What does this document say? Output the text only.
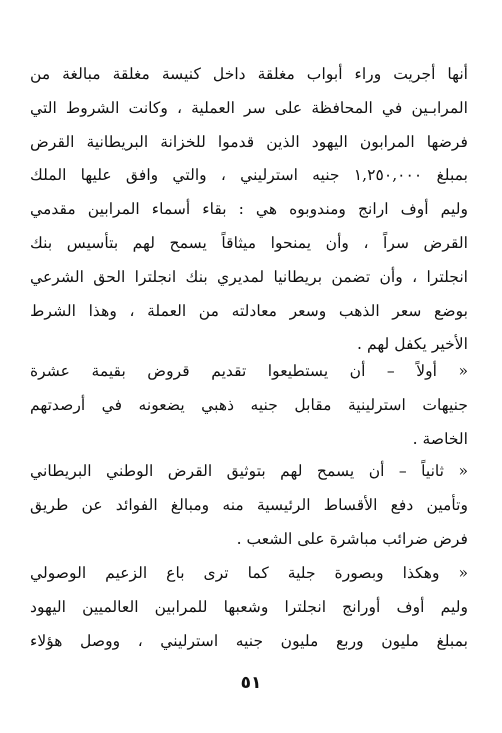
أنها أجريت وراء أبواب مغلقة داخل كنيسة مغلقة مبالغة من
المرابـين في المحافظة على سر العملية ، وكانت الشروط التي
فرضها المرابون اليهود الذين قدموا للخزانة البريطانية القرض
بمبلغ ١,٢٥٠,٠٠٠ جنيه استرليني ، والتي وافق عليها الملك
وليم أوف ارانج ومندوبوه هي : بقاء أسماء المرابين مقدمي
القرض سراً ، وأن يمنحوا ميثاقاً يسمح لهم بتأسيس بنك
انجلترا ، وأن تضمن بريطانيا لمديري بنك انجلترا الحق الشرعي
بوضع سعر الذهب وسعر معادلته من العملة ، وهذا الشرط
الأخير يكفل لهم .
« أولاً – أن يستطيعوا تقديم قروض بقيمة عشرة
جنيهات استرلينية مقابل جنيه ذهبي يضعونه في أرصدتهم
الخاصة .
« ثانياً – أن يسمح لهم بتوثيق القرض الوطني البريطاني
وتأمين دفع الأقساط الرئيسية منه ومبالغ الفوائد عن طريق
فرض ضرائب مباشرة على الشعب .
« وهكذا وبصورة جلية كما ترى باع الزعيم الوصولي
وليم أوف أورانج انجلترا وشعبها للمرابين العالميين اليهود
بمبلغ مليون وربع مليون جنيه استرليني ، ووصل هؤلاء
٥١
